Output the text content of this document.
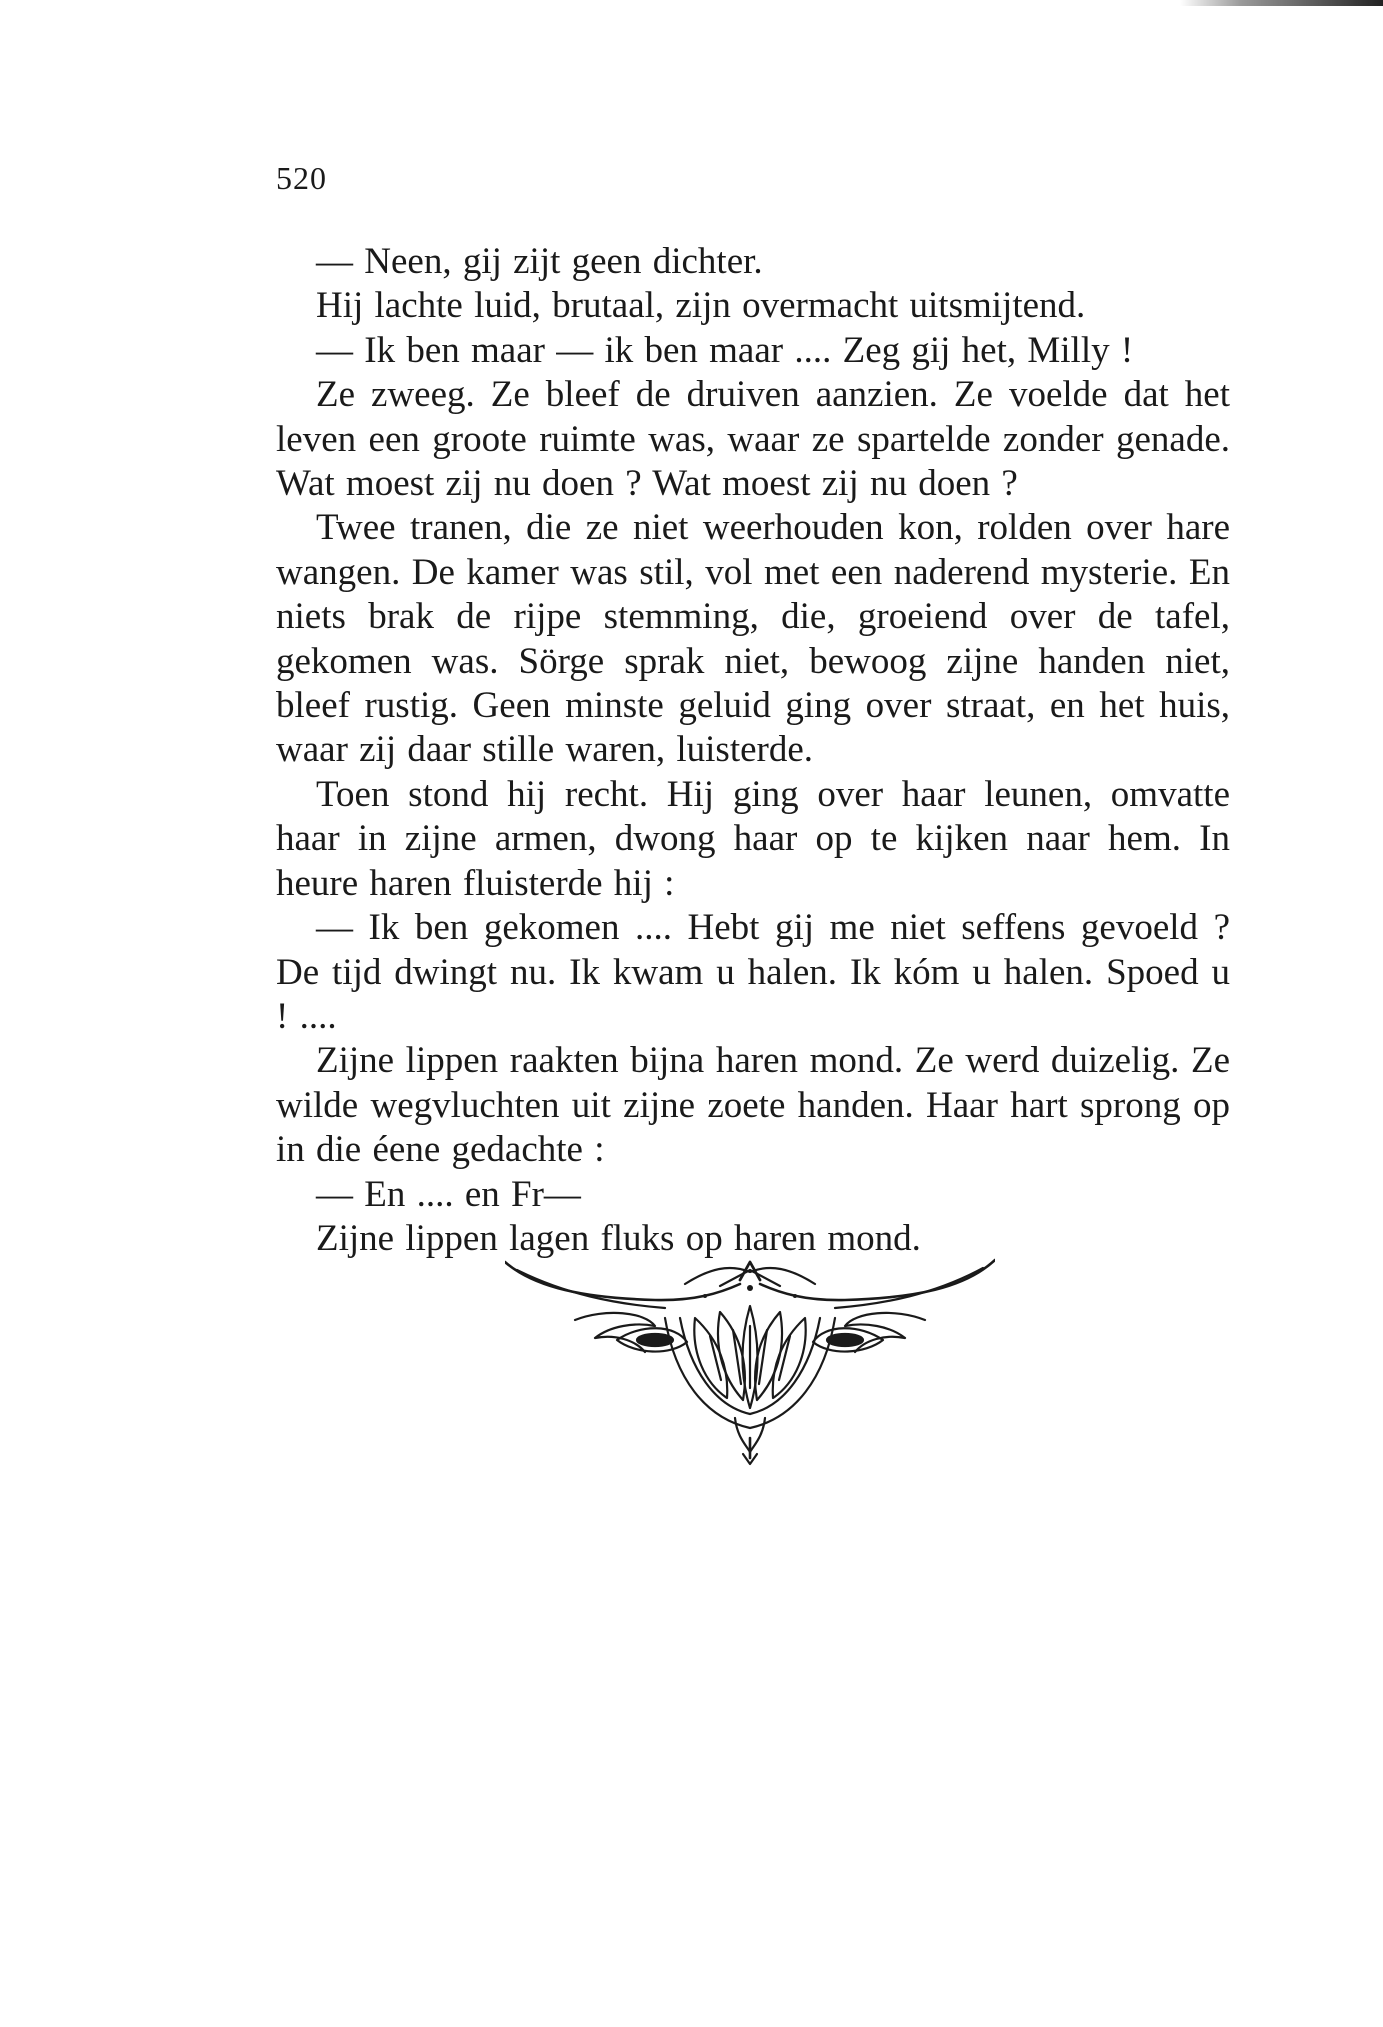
520

— Neen, gij zijt geen dichter.

Hij lachte luid, brutaal, zijn overmacht uitsmijtend.

— Ik ben maar — ik ben maar .... Zeg gij het, Milly !

Ze zweeg. Ze bleef de druiven aanzien. Ze voelde dat het leven een groote ruimte was, waar ze spartelde zonder genade. Wat moest zij nu doen ? Wat moest zij nu doen ?

Twee tranen, die ze niet weerhouden kon, rolden over hare wangen. De kamer was stil, vol met een naderend mysterie. En niets brak de rijpe stemming, die, groeiend over de tafel, gekomen was. Sörge sprak niet, bewoog zijne handen niet, bleef rustig. Geen minste geluid ging over straat, en het huis, waar zij daar stille waren, luisterde.

Toen stond hij recht. Hij ging over haar leunen, omvatte haar in zijne armen, dwong haar op te kijken naar hem. In heure haren fluisterde hij :

— Ik ben gekomen .... Hebt gij me niet seffens gevoeld ? De tijd dwingt nu. Ik kwam u halen. Ik kóm u halen. Spoed u ! ....

Zijne lippen raakten bijna haren mond. Ze werd duizelig. Ze wilde wegvluchten uit zijne zoete handen. Haar hart sprong op in die éene gedachte :

— En .... en Fr—

Zijne lippen lagen fluks op haren mond.
